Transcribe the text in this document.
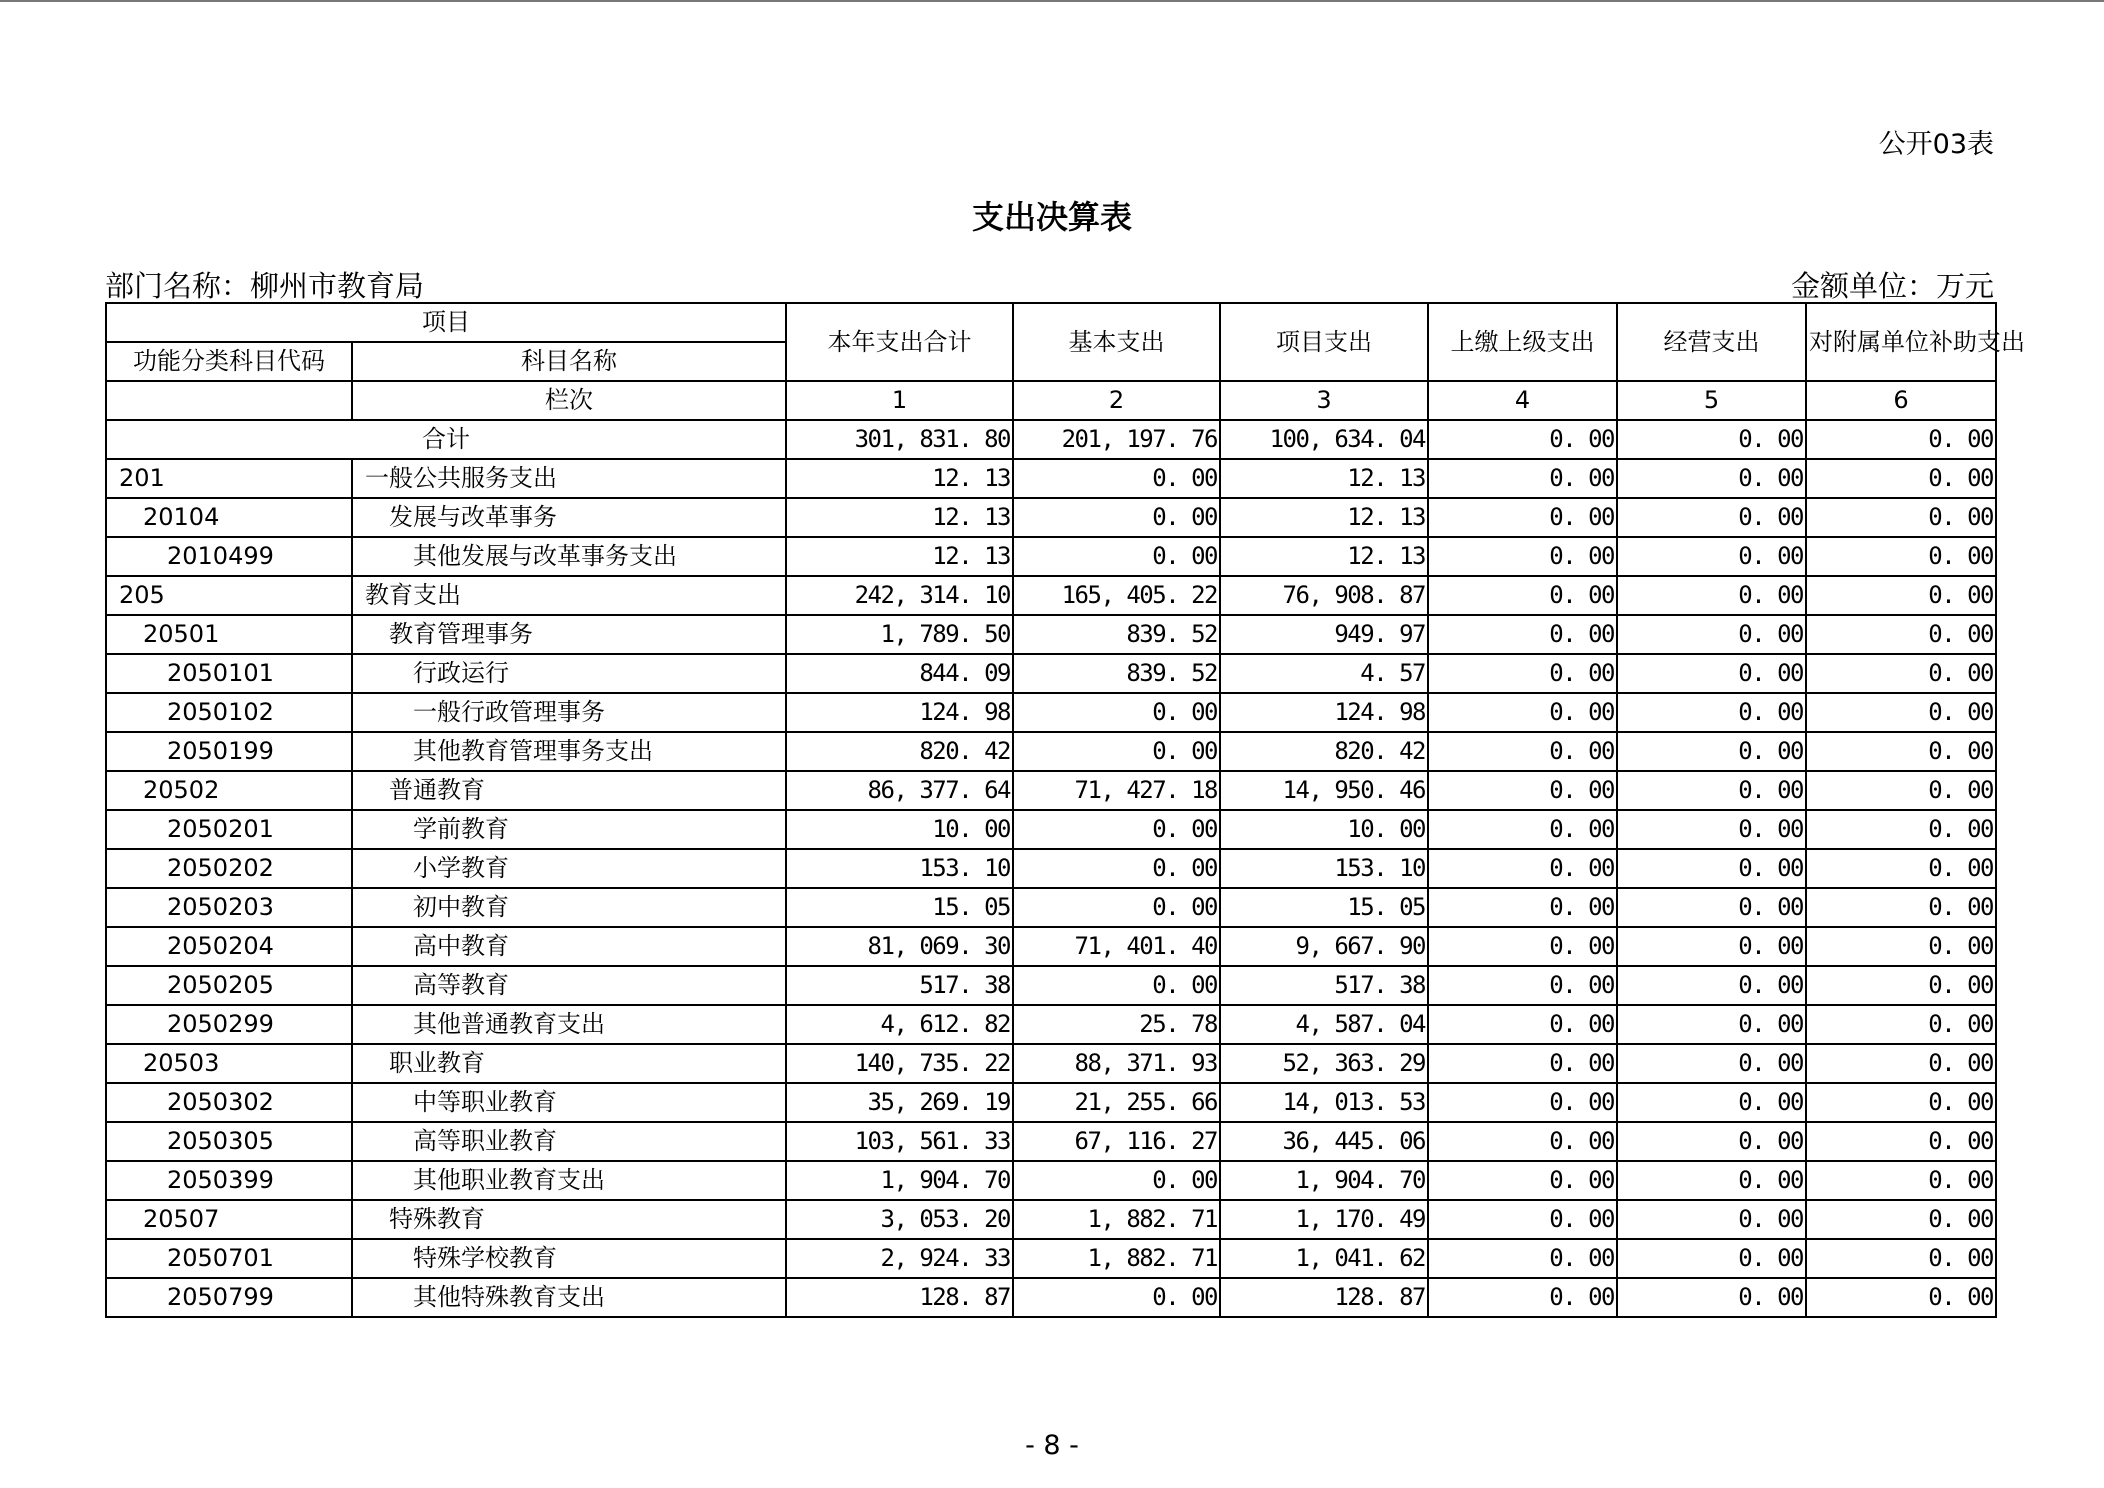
公开03表
支出决算表
部门名称：柳州市教育局	金额单位：万元
项目		本年支出合计	基本支出	项目支出	上缴上级支出	经营支出	对附属单位补助支出
功能分类科目代码	科目名称						
	栏次	1	2	3	4	5	6
合计		301, 831. 80	201, 197. 76	100, 634. 04	0. 00	0. 00	0. 00
201	一般公共服务支出	12. 13	0. 00	12. 13	0. 00	0. 00	0. 00
20104	发展与改革事务	12. 13	0. 00	12. 13	0. 00	0. 00	0. 00
2010499	其他发展与改革事务支出	12. 13	0. 00	12. 13	0. 00	0. 00	0. 00
205	教育支出	242, 314. 10	165, 405. 22	76, 908. 87	0. 00	0. 00	0. 00
20501	教育管理事务	1, 789. 50	839. 52	949. 97	0. 00	0. 00	0. 00
2050101	行政运行	844. 09	839. 52	4. 57	0. 00	0. 00	0. 00
2050102	一般行政管理事务	124. 98	0. 00	124. 98	0. 00	0. 00	0. 00
2050199	其他教育管理事务支出	820. 42	0. 00	820. 42	0. 00	0. 00	0. 00
20502	普通教育	86, 377. 64	71, 427. 18	14, 950. 46	0. 00	0. 00	0. 00
2050201	学前教育	10. 00	0. 00	10. 00	0. 00	0. 00	0. 00
2050202	小学教育	153. 10	0. 00	153. 10	0. 00	0. 00	0. 00
2050203	初中教育	15. 05	0. 00	15. 05	0. 00	0. 00	0. 00
2050204	高中教育	81, 069. 30	71, 401. 40	9, 667. 90	0. 00	0. 00	0. 00
2050205	高等教育	517. 38	0. 00	517. 38	0. 00	0. 00	0. 00
2050299	其他普通教育支出	4, 612. 82	25. 78	4, 587. 04	0. 00	0. 00	0. 00
20503	职业教育	140, 735. 22	88, 371. 93	52, 363. 29	0. 00	0. 00	0. 00
2050302	中等职业教育	35, 269. 19	21, 255. 66	14, 013. 53	0. 00	0. 00	0. 00
2050305	高等职业教育	103, 561. 33	67, 116. 27	36, 445. 06	0. 00	0. 00	0. 00
2050399	其他职业教育支出	1, 904. 70	0. 00	1, 904. 70	0. 00	0. 00	0. 00
20507	特殊教育	3, 053. 20	1, 882. 71	1, 170. 49	0. 00	0. 00	0. 00
2050701	特殊学校教育	2, 924. 33	1, 882. 71	1, 041. 62	0. 00	0. 00	0. 00
2050799	其他特殊教育支出	128. 87	0. 00	128. 87	0. 00	0. 00	0. 00
- 8 -
